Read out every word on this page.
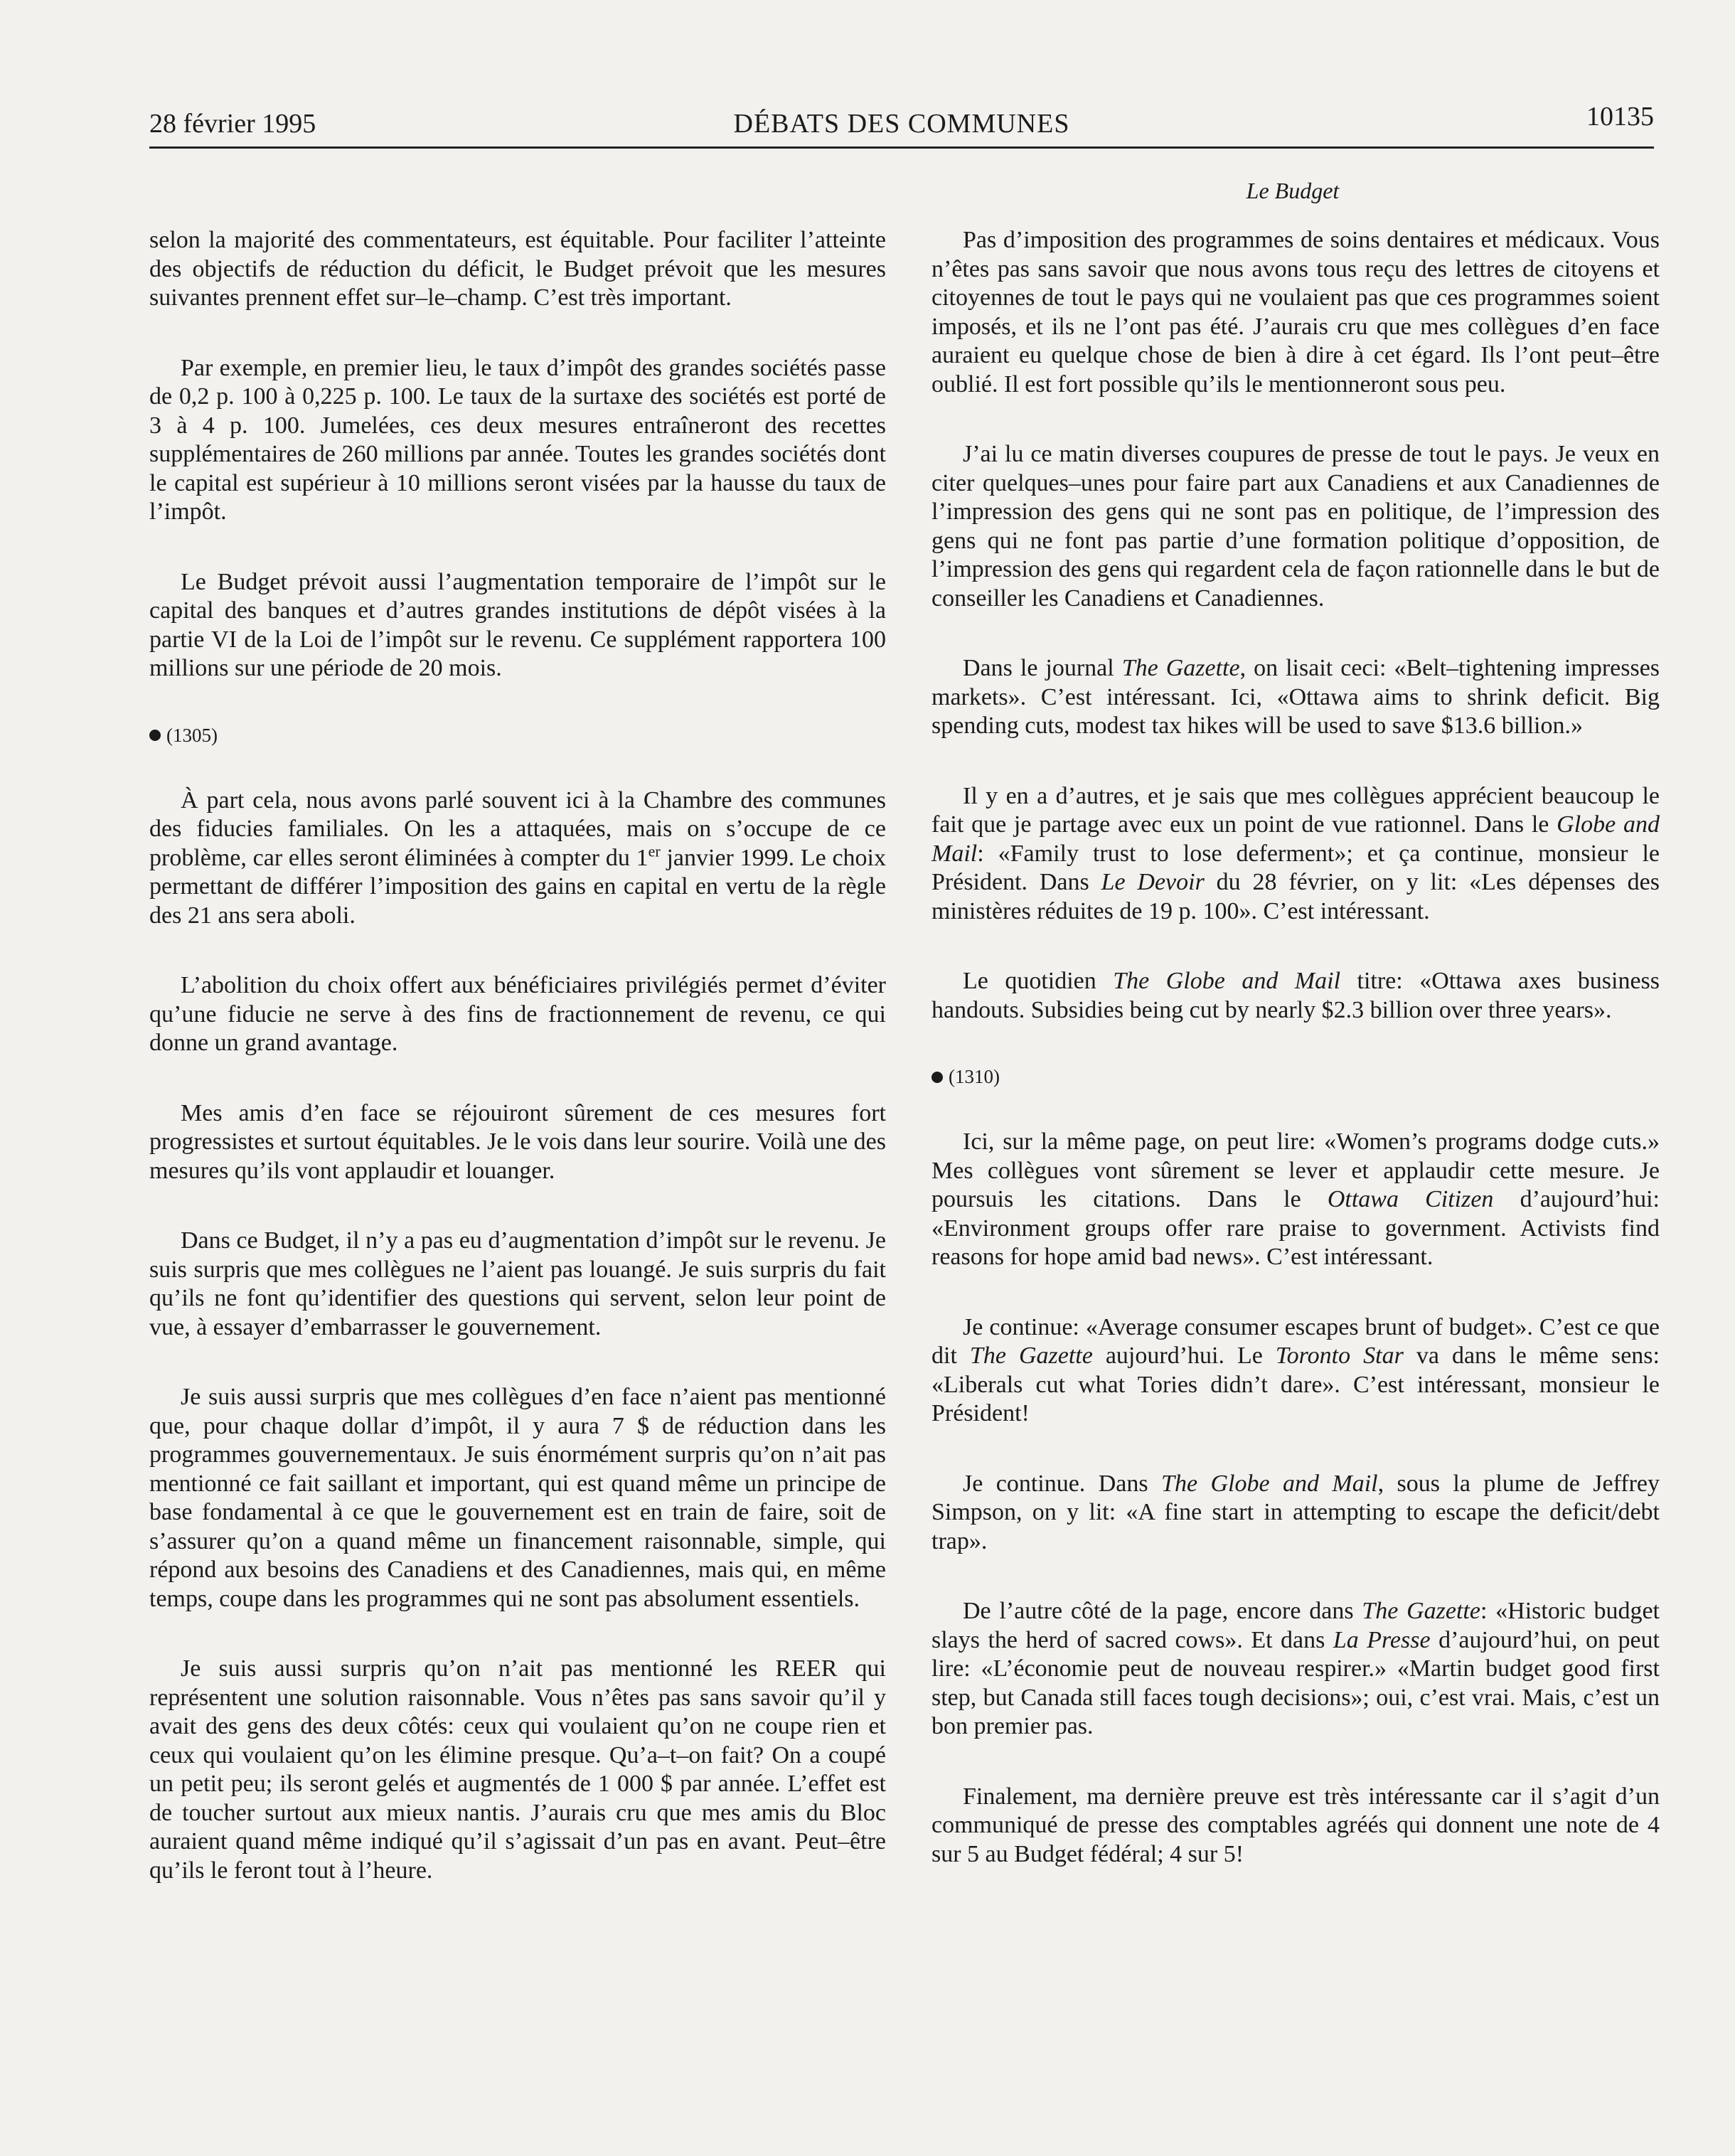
28 février 1995	DÉBATS DES COMMUNES	10135
Le Budget

selon la majorité des commentateurs, est équitable. Pour faciliter l’atteinte des objectifs de réduction du déficit, le Budget prévoit que les mesures suivantes prennent effet sur–le–champ. C’est très important.

Par exemple, en premier lieu, le taux d’impôt des grandes sociétés passe de 0,2 p. 100 à 0,225 p. 100. Le taux de la surtaxe des sociétés est porté de 3 à 4 p. 100. Jumelées, ces deux mesures entraîneront des recettes supplémentaires de 260 millions par année. Toutes les grandes sociétés dont le capital est supérieur à 10 millions seront visées par la hausse du taux de l’impôt.

Le Budget prévoit aussi l’augmentation temporaire de l’impôt sur le capital des banques et d’autres grandes institutions de dépôt visées à la partie VI de la Loi de l’impôt sur le revenu. Ce supplément rapportera 100 millions sur une période de 20 mois.

(1305)

À part cela, nous avons parlé souvent ici à la Chambre des communes des fiducies familiales. On les a attaquées, mais on s’occupe de ce problème, car elles seront éliminées à compter du 1er janvier 1999. Le choix permettant de différer l’imposition des gains en capital en vertu de la règle des 21 ans sera aboli.

L’abolition du choix offert aux bénéficiaires privilégiés permet d’éviter qu’une fiducie ne serve à des fins de fractionnement de revenu, ce qui donne un grand avantage.

Mes amis d’en face se réjouiront sûrement de ces mesures fort progressistes et surtout équitables. Je le vois dans leur sourire. Voilà une des mesures qu’ils vont applaudir et louanger.

Dans ce Budget, il n’y a pas eu d’augmentation d’impôt sur le revenu. Je suis surpris que mes collègues ne l’aient pas louangé. Je suis surpris du fait qu’ils ne font qu’identifier des questions qui servent, selon leur point de vue, à essayer d’embarrasser le gouvernement.

Je suis aussi surpris que mes collègues d’en face n’aient pas mentionné que, pour chaque dollar d’impôt, il y aura 7 $ de réduction dans les programmes gouvernementaux. Je suis énormément surpris qu’on n’ait pas mentionné ce fait saillant et important, qui est quand même un principe de base fondamental à ce que le gouvernement est en train de faire, soit de s’assurer qu’on a quand même un financement raisonnable, simple, qui répond aux besoins des Canadiens et des Canadiennes, mais qui, en même temps, coupe dans les programmes qui ne sont pas absolument essentiels.

Je suis aussi surpris qu’on n’ait pas mentionné les REER qui représentent une solution raisonnable. Vous n’êtes pas sans savoir qu’il y avait des gens des deux côtés: ceux qui voulaient qu’on ne coupe rien et ceux qui voulaient qu’on les élimine presque. Qu’a–t–on fait? On a coupé un petit peu; ils seront gelés et augmentés de 1 000 $ par année. L’effet est de toucher surtout aux mieux nantis. J’aurais cru que mes amis du Bloc auraient quand même indiqué qu’il s’agissait d’un pas en avant. Peut–être qu’ils le feront tout à l’heure.

Pas d’imposition des programmes de soins dentaires et médicaux. Vous n’êtes pas sans savoir que nous avons tous reçu des lettres de citoyens et citoyennes de tout le pays qui ne voulaient pas que ces programmes soient imposés, et ils ne l’ont pas été. J’aurais cru que mes collègues d’en face auraient eu quelque chose de bien à dire à cet égard. Ils l’ont peut–être oublié. Il est fort possible qu’ils le mentionneront sous peu.

J’ai lu ce matin diverses coupures de presse de tout le pays. Je veux en citer quelques–unes pour faire part aux Canadiens et aux Canadiennes de l’impression des gens qui ne sont pas en politique, de l’impression des gens qui ne font pas partie d’une formation politique d’opposition, de l’impression des gens qui regardent cela de façon rationnelle dans le but de conseiller les Canadiens et Canadiennes.

Dans le journal The Gazette, on lisait ceci: «Belt–tightening impresses markets». C’est intéressant. Ici, «Ottawa aims to shrink deficit. Big spending cuts, modest tax hikes will be used to save $13.6 billion.»

Il y en a d’autres, et je sais que mes collègues apprécient beaucoup le fait que je partage avec eux un point de vue rationnel. Dans le Globe and Mail: «Family trust to lose deferment»; et ça continue, monsieur le Président. Dans Le Devoir du 28 février, on y lit: «Les dépenses des ministères réduites de 19 p. 100». C’est intéressant.

Le quotidien The Globe and Mail titre: «Ottawa axes business handouts. Subsidies being cut by nearly $2.3 billion over three years».

(1310)

Ici, sur la même page, on peut lire: «Women’s programs dodge cuts.» Mes collègues vont sûrement se lever et applaudir cette mesure. Je poursuis les citations. Dans le Ottawa Citizen d’aujourd’hui: «Environment groups offer rare praise to government. Activists find reasons for hope amid bad news». C’est intéressant.

Je continue: «Average consumer escapes brunt of budget». C’est ce que dit The Gazette aujourd’hui. Le Toronto Star va dans le même sens: «Liberals cut what Tories didn’t dare». C’est intéressant, monsieur le Président!

Je continue. Dans The Globe and Mail, sous la plume de Jeffrey Simpson, on y lit: «A fine start in attempting to escape the deficit/debt trap».

De l’autre côté de la page, encore dans The Gazette: «Historic budget slays the herd of sacred cows». Et dans La Presse d’aujourd’hui, on peut lire: «L’économie peut de nouveau respirer.» «Martin budget good first step, but Canada still faces tough decisions»; oui, c’est vrai. Mais, c’est un bon premier pas.

Finalement, ma dernière preuve est très intéressante car il s’agit d’un communiqué de presse des comptables agréés qui donnent une note de 4 sur 5 au Budget fédéral; 4 sur 5!
